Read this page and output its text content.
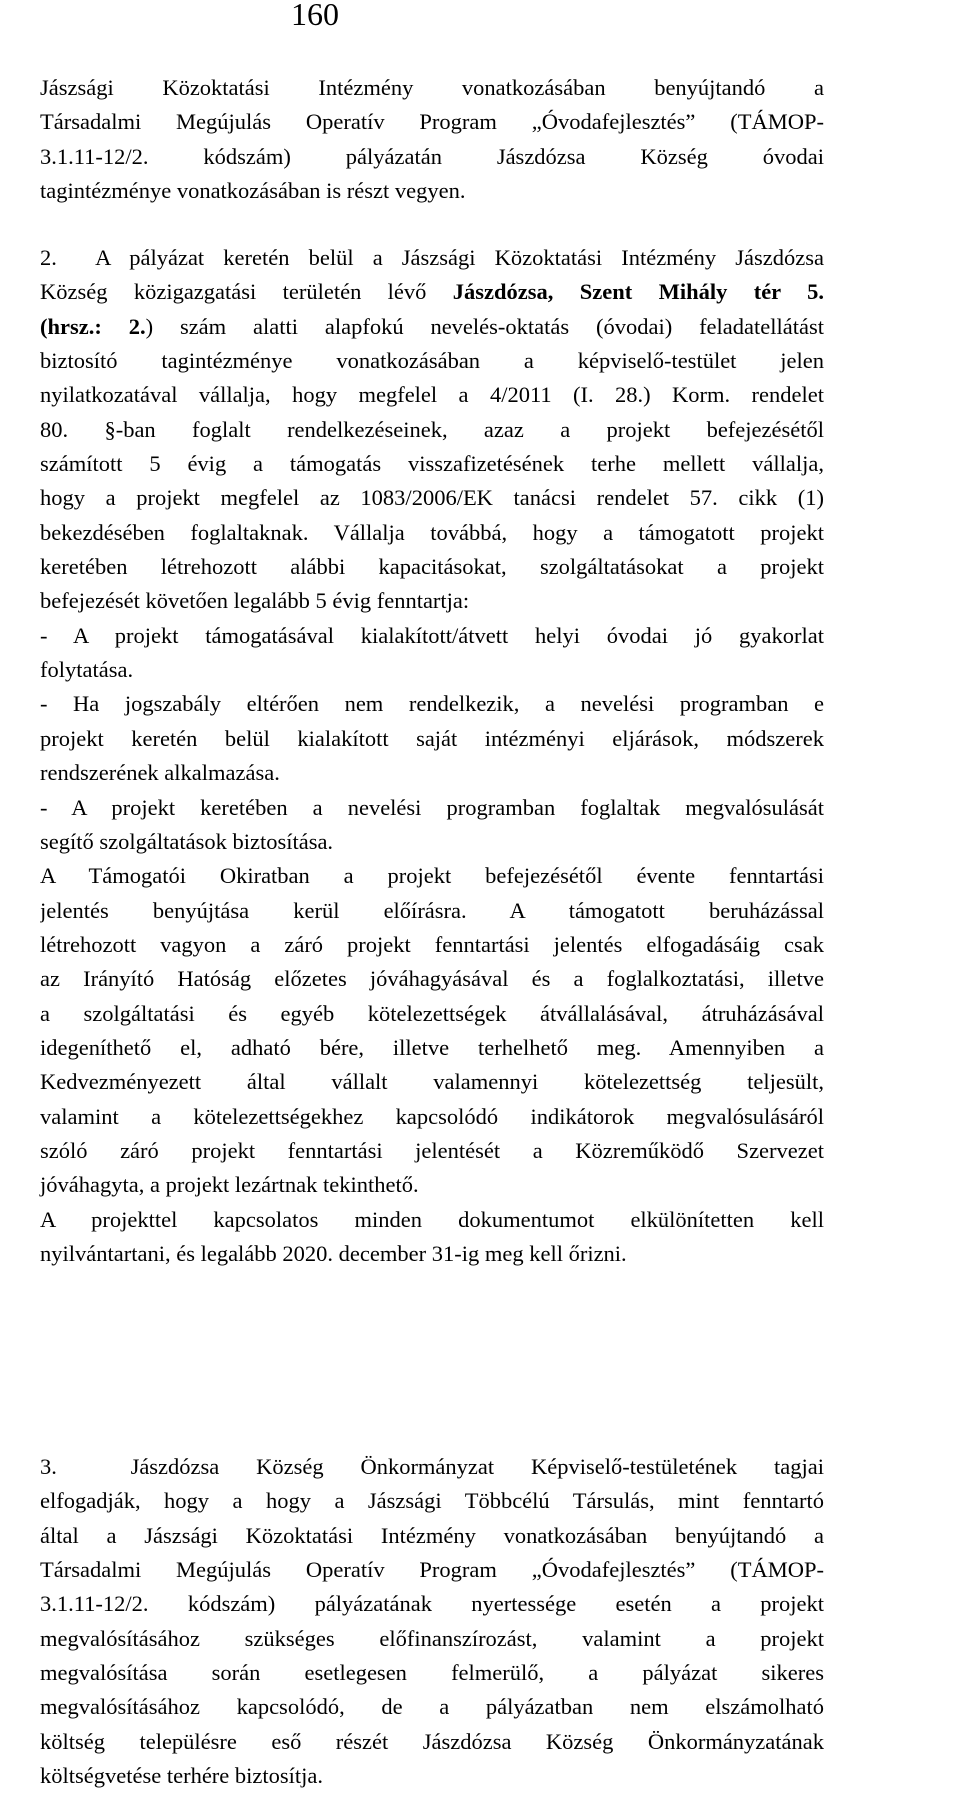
160
Jászsági Közoktatási Intézmény vonatkozásában benyújtandó a
Társadalmi Megújulás Operatív Program „Óvodafejlesztés” (TÁMOP-
3.1.11-12/2. kódszám) pályázatán Jászdózsa Község óvodai
tagintézménye vonatkozásában is részt vegyen.
2. A pályázat keretén belül a Jászsági Közoktatási Intézmény Jászdózsa
Község közigazgatási területén lévő Jászdózsa, Szent Mihály tér 5.
(hrsz.: 2.) szám alatti alapfokú nevelés-oktatás (óvodai) feladatellátást
biztosító tagintézménye vonatkozásában a képviselő-testület jelen
nyilatkozatával vállalja, hogy megfelel a 4/2011 (I. 28.) Korm. rendelet
80. §-ban foglalt rendelkezéseinek, azaz a projekt befejezésétől
számított 5 évig a támogatás visszafizetésének terhe mellett vállalja,
hogy a projekt megfelel az 1083/2006/EK tanácsi rendelet 57. cikk (1)
bekezdésében foglaltaknak. Vállalja továbbá, hogy a támogatott projekt
keretében létrehozott alábbi kapacitásokat, szolgáltatásokat a projekt
befejezését követően legalább 5 évig fenntartja:
- A projekt támogatásával kialakított/átvett helyi óvodai jó gyakorlat
folytatása.
- Ha jogszabály eltérően nem rendelkezik, a nevelési programban e
projekt keretén belül kialakított saját intézményi eljárások, módszerek
rendszerének alkalmazása.
- A projekt keretében a nevelési programban foglaltak megvalósulását
segítő szolgáltatások biztosítása.
A Támogatói Okiratban a projekt befejezésétől évente fenntartási
jelentés benyújtása kerül előírásra. A támogatott beruházással
létrehozott vagyon a záró projekt fenntartási jelentés elfogadásáig csak
az Irányító Hatóság előzetes jóváhagyásával és a foglalkoztatási, illetve
a szolgáltatási és egyéb kötelezettségek átvállalásával, átruházásával
idegeníthető el, adható bére, illetve terhelhető meg. Amennyiben a
Kedvezményezett által vállalt valamennyi kötelezettség teljesült,
valamint a kötelezettségekhez kapcsolódó indikátorok megvalósulásáról
szóló záró projekt fenntartási jelentését a Közreműködő Szervezet
jóváhagyta, a projekt lezártnak tekinthető.
A projekttel kapcsolatos minden dokumentumot elkülönítetten kell
nyilvántartani, és legalább 2020. december 31-ig meg kell őrizni.
3.	Jászdózsa Község Önkormányzat Képviselő-testületének tagjai
elfogadják, hogy a hogy a Jászsági Többcélú Társulás, mint fenntartó
által a Jászsági Közoktatási Intézmény vonatkozásában benyújtandó a
Társadalmi Megújulás Operatív Program „Óvodafejlesztés” (TÁMOP-
3.1.11-12/2. kódszám) pályázatának nyertessége esetén a projekt
megvalósításához szükséges előfinanszírozást, valamint a projekt
megvalósítása során esetlegesen felmerülő, a pályázat sikeres
megvalósításához kapcsolódó, de a pályázatban nem elszámolható
költség településre eső részét Jászdózsa Község Önkormányzatának
költségvetése terhére biztosítja.
